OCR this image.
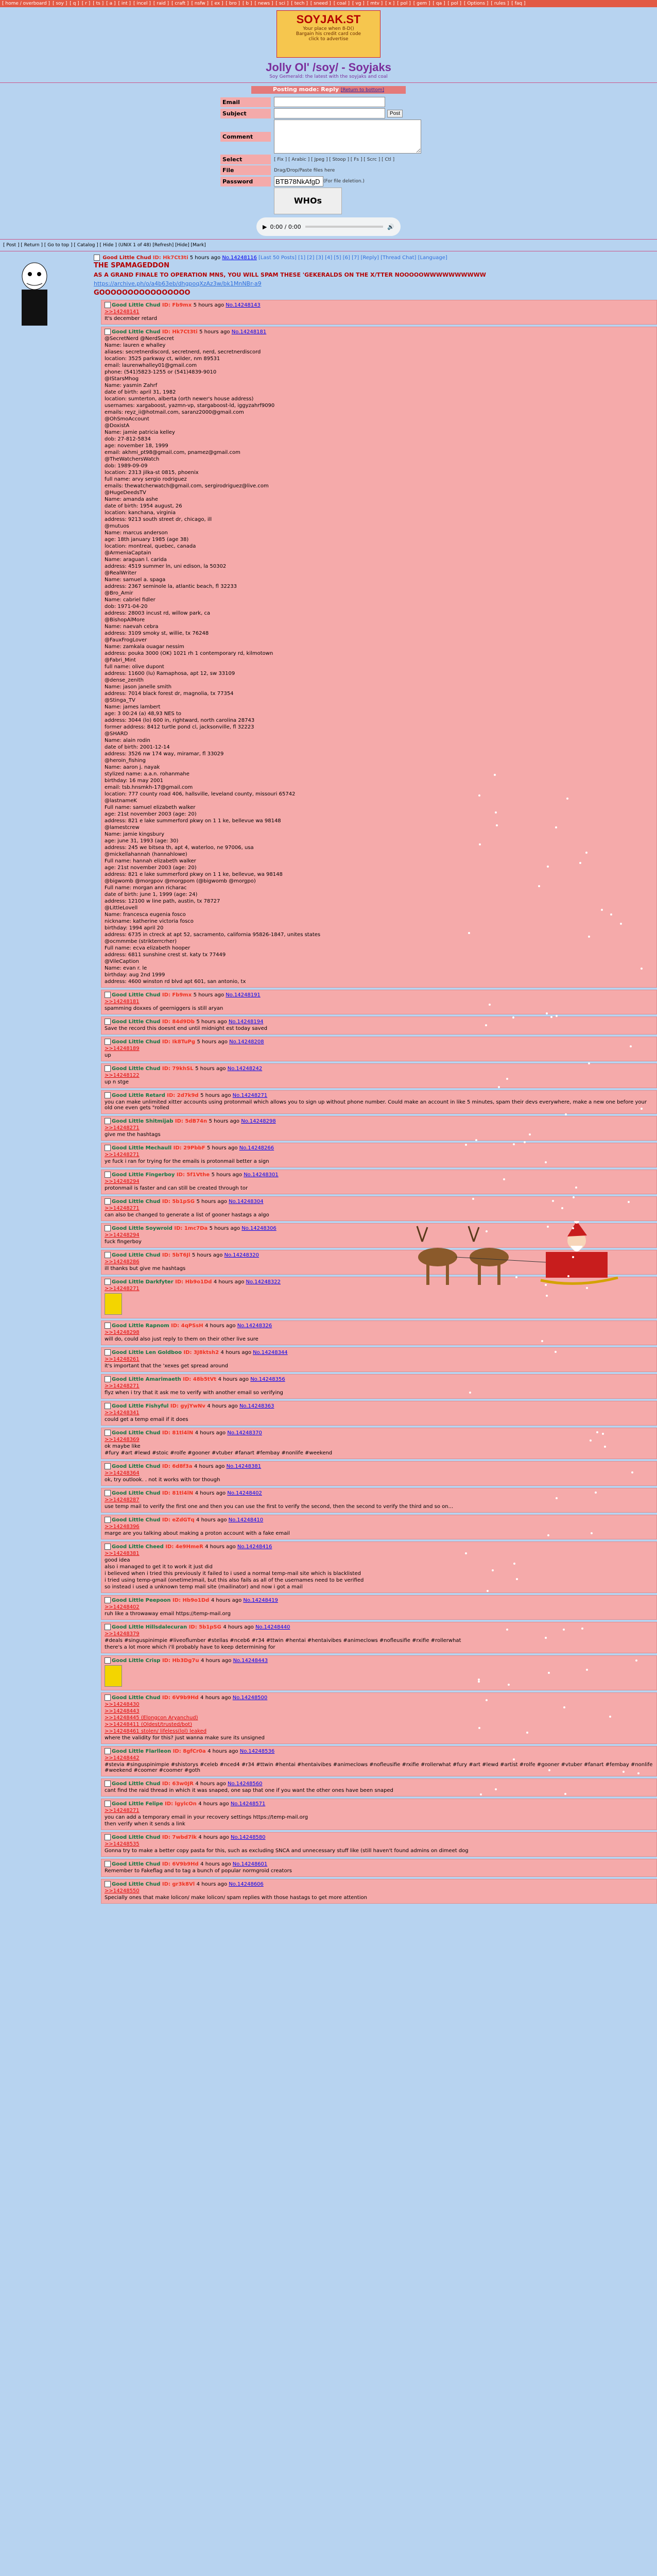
[ home / overboard ] [ soy ] [ q ] [ r ] [ ts ] [ a ] [ int ] [ incel ] [ raid ] [ craft ] [ nsfw ] [ ex ] [ bro ] [ b ] [ news ] [ sci ] [ tech ] [ sneed ] [ coal ] [ vg ] [ mtv ] [ x ] [ pol ] [ gem ] [ qa ] [ pol ] [ Options ] [ rules ] [ faq ]
SOYJAK.ST
Your place when 8-D()
Bargain his credit card code
click to advertise
Jolly Ol' /soy/ - Soyjaks
Soy Gemerald: the latest with the soyjaks and coal
Posting mode: Reply [Return to bottom]
Email
Subject	Post
Comment
Select	[ Fix ] [ Arabic ] [ Jpeg ] [ Stoop ] [ Fs ] [ Scrc ] [ Ctl ]
File	Drag/Drop/Paste files here
Password
BTB78NkAfgD	(For file deletion.)
WHOs
▶ 0:00 / 0:00	🔊
[ Post ] [ Return ] [ Go to top ] [ Catalog ] [ Hide ] (UNIX 1 of 48) [Refresh] [Hide] [Mark]
Good Little Chud ID: Hk7Ct3ti 5 hours ago No.14248116 [Last 50 Posts] [1] [2] [3] [4] [5] [6] [7] [Reply] [Thread Chat] [Language]
THE SPAMAGEDDON
AS A GRAND FINALE TO OPERATION MNS, YOU WILL SPAM THESE 'GEKERALDS ON THE X/TTER NOOOOOWWWWWWWWWW
https://archive.ph/o/a4b63eb/dhgpoqXzAz3w/bk1MnNBr-a9
GOOOOOOOOOOOOOOOO
Good Little Chud ID: Fb9mx 5 hours ago No.14248143
>>14248141
It's december retard
Good Little Chud ID: Hk7Ct3ti 5 hours ago No.14248181
@SecretNerd @NerdSecret
Name: lauren e whalley
aliases: secretnerdiscord, secretnerd, nerd, secretnerdiscord
location: 3525 parkway ct, wilder, nm 89531
email: laurenwhalley01@gmail.com
phone: (541)5823-1255 or (541)4839-9010
@IStarsMhog
Name: yasmin Zahrf
date of birth: april 31, 1982
location: sumterton, alberta (orth newer's house address)
usernames: xargaboost, yazmn-vp, stargaboost-ld, iggyzahrf9090
emails: reyz_ii@hotmail.com, saranz2000@gmail.com
@OhSmoAccount
@DoxistA
Name: jamie patricia kelley
dob: 27-812-5834
age: november 18, 1999
email: akhmi_pt98@gmail.com, pnamez@gmail.com
@TheWatchersWatch
dob: 1989-09-09
location: 2313 jilka-st 0815, phoenix
full name: arvy sergio rodriguez
emails: thewatcherwatch@gmail.com, sergirodriguez@live.com
@HugeDeedsTV
Name: amanda ashe
date of birth: 1954 august, 26
location: kanchana, virginia
address: 9213 south street dr, chicago, ill
@mutuos
Name: marcus anderson
age: 18th january 1985 (age 38)
location: montreal, quebec, canada
@ArmeniaCaptain
Name: araguan l. carida
address: 4519 summer ln, uni edison, la 50302
@RealWriter
Name: samuel a. spaga
address: 2367 seminole la, atlantic beach, fl 32233
@Bro_Amir
Name: cabriel fidler
dob: 1971-04-20
address: 28003 incust rd, willow park, ca
@BishopAlMore
Name: naevah cebra
address: 3109 smoky st, willie, tx 76248
@FauxFrogLover
Name: zamkala ouagar nessim
address: pouka 3000 (OK) 1021 rh 1 contemporary rd, kilmotown
@Fabri_Mint
full name: olive dupont
address: 11600 (lu) Ramaphosa, apt 12, sw 33109
@dense_zenith
Name: jason janelle smith
address: 7014 black forest dr, magnolia, tx 77354
@Stinga_TV
Name: james lambert
age: 3 00:24 (a) 48,93 NES to
address: 3044 (lo) 600 in, rightward, north carolina 28743
former address: 8412 turtle pond cl, jacksonville, fl 32223
@SHARD
Name: alain rodin
date of birth: 2001-12-14
address: 3526 nw 174 way, miramar, fl 33029
@heroin_fishing
Name: aaron j. nayak
stylized name: a.a.n. rohanmahe
birthday: 16 may 2001
email: tsb.hnsmkh-17@gmail.com
location: 777 county road 406, hallsville, leveland county, missouri 65742
@lastnameK
Full name: samuel elizabeth walker
age: 21st november 2003 (age: 20)
address: 821 e lake summerford pkwy on 1 1 ke, bellevue wa 98148
@lamestcrew
Name: jamie kingsbury
age: june 31, 1993 (age: 30)
address: 245 we bitsea th, apt 4, waterloo, ne 97006, usa
@mickellahannah (hannahlowe)
Full name: hannah elizabeth walker
age: 21st november 2003 (age: 20)
address: 821 e lake summerford pkwy on 1 1 ke, bellevue, wa 98148
@bigwomb @morgpov @morgpom (@bigwomb @morgpo)
Full name: morgan ann richarac
date of birth: june 1, 1999 (age: 24)
address: 12100 w line path, austin, tx 78727
@LittleLovell
Name: francesca eugenia fosco
nickname: katherine victoria fosco
birthday: 1994 april 20
address: 6735 in ctreck at apt 52, sacramento, california 95826-1847, unites states
@ocmmmbe (strikterrcrher)
Full name: ecva elizabeth hooper
address: 6811 sunshine crest st. katy tx 77449
@VileCaption
Name: evan r. le
birthday: aug 2nd 1999
address: 4600 winston rd blvd apt 601, san antonio, tx
Good Little Chud ID: Fb9mx 5 hours ago No.14248191
>>14248181
spamming doxxes of geerniggers is still aryan
Good Little Chud ID: 84d9Db 5 hours ago No.14248194
Save the record this doesnt end until midnight est today saved
Good Little Chud ID: Ik8TuPg 5 hours ago No.14248208
>>14248189
up
Good Little Chud ID: 79khSL 5 hours ago No.14248242
>>14248122
up n stge
Good Little Retard ID: 2d7k9d 5 hours ago No.14248271
you can make unlimited xitter accounts using protonmail which allows you to sign up without phone number. Could make an account in like 5 minutes, spam their devs everywhere, make a new one before your old one even gets "rolled
Good Little Shitmijab ID: 5dB74n 5 hours ago No.14248298
>>14248271
give me the hashtags
Good Little Mechaull ID: 29PbbF 5 hours ago No.14248266
>>14248271
ye fuck i ran for trying for the emails is protonmail better a sign
Good Little Fingerboy ID: 5f1Vthe 5 hours ago No.14248301
>>14248294
protonmail is faster and can still be created through tor
Good Little Chud ID: 5b1pSG 5 hours ago No.14248304
>>14248271
can also be changed to generate a list of gooner hastags a algo
Good Little Soywroid ID: 1mc7Da 5 hours ago No.14248306
>>14248294
fuck fingerboy
Good Little Chud ID: 5bT6Jl 5 hours ago No.14248320
>>14248286
ill thanks but give me hashtags
Good Little Darkfyter ID: Hb9o1Dd 4 hours ago No.14248322
>>14248271
Good Little Rapnom ID: 4qPSsH 4 hours ago No.14248326
>>14248298
will do, could also just reply to them on their other live sure
Good Little Len Goldboo ID: 3J8ktsh2 4 hours ago No.14248344
>>14248261
it's important that the 'xexes get spread around
Good Little Amarimaeth ID: 48b5tVt 4 hours ago No.14248356
>>14248271
flyz when i try that it ask me to verify with another email so verifying
Good Little Fishyful ID: gyjYwNv 4 hours ago No.14248363
>>14248341
could get a temp email if it does
Good Little Chud ID: 81tl4lN 4 hours ago No.14248370
>>14248369
ok maybe like
#fury #art #lewd #stoic #rolfe #gooner #vtuber #fanart #fembay #nonlife #weekend
Good Little Chud ID: 6d8f3a 4 hours ago No.14248381
>>14248364
ok, try outlook. . not it works with tor though
Good Little Chud ID: 81tl4lN 4 hours ago No.14248402
>>14248287
use temp mail to verify the first one and then you can use the first to verify the second, then the second to verify the third and so on...
Good Little Chud ID: eZdGTq 4 hours ago No.14248410
>>14248396
marge are you talking about making a proton account with a fake email
Good Little Cheed ID: 4e9HmeR 4 hours ago No.14248416
>>14248381
good idea
also i managed to get it to work it just did
i believed when i tried this previously it failed to i used a normal temp-mail site which is blacklisted
i tried using temp-gmail (onetime)mail, but this also fails as all of the usernames need to be verified
so instead i used a unknown temp mail site (mailinator) and now i got a mail
Good Little Peepoon ID: Hb9o1Dd 4 hours ago No.14248419
>>14248402
ruh like a throwaway email https://temp-mail.org
Good Little Hillsdalecuran ID: 5b1pSG 4 hours ago No.14248440
>>14248379
#deals #singuspinimpie #liveoflumber #stellas #nceb6 #r34 #ttwin #hentai #hentaivibes #animeclows #nofleusifie #rxifie #rollerwhat
there's a lot more which i'll probably have to keep determining for
Good Little Crisp ID: Hb3Dg7u 4 hours ago No.14248443
Good Little Chud ID: 6V9b9Hd 4 hours ago No.14248500
>>14248430
>>14248443
>>14248445 (Elongcon Aryanchud)
>>14248411 (Oldest/trusted/bot)
>>14248461 stolen/ lifeless(lol) leaked
where the validity for this? just wanna make sure its unsigned
Good Little Flarlleon ID: 8gfCr0a 4 hours ago No.14248536
>>14248442
#stevia #singuspinimpie #shistorys #celeb #nced4 #r34 #ttwin #hentai #hentaivibes #animeclows #nofleusifie #rxifie #rollerwhat #fury #art #lewd #artist #rolfe #gooner #vtuber #fanart #fembay #nonlife #weekend #coomer #coomer #goth
Good Little Chud ID: 63w0JR 4 hours ago No.14248560
cant find the raid thread in which it was snaped, one sap that one if you want the other ones have been snaped
Good Little Felipe ID: lgylcOn 4 hours ago No.14248571
>>14248271
you can add a temporary email in your recovery settings https://temp-mail.org
then verify when it sends a link
Good Little Chud ID: 7wbd7lk 4 hours ago No.14248580
>>14248535
Gonna try to make a better copy pasta for this, such as excluding SNCA and unnecessary stuff like (still haven't found admins on dimeet dog
Good Little Chud ID: 6V9b9Hd 4 hours ago No.14248601
Remember to Fakeflag and to tag a bunch of popular normgroid creators
Good Little Chud ID: gr3k8Vl 4 hours ago No.14248606
>>14248550
Specially ones that make lolicon/ make lolicon/ spam replies with those hastags to get more attention
